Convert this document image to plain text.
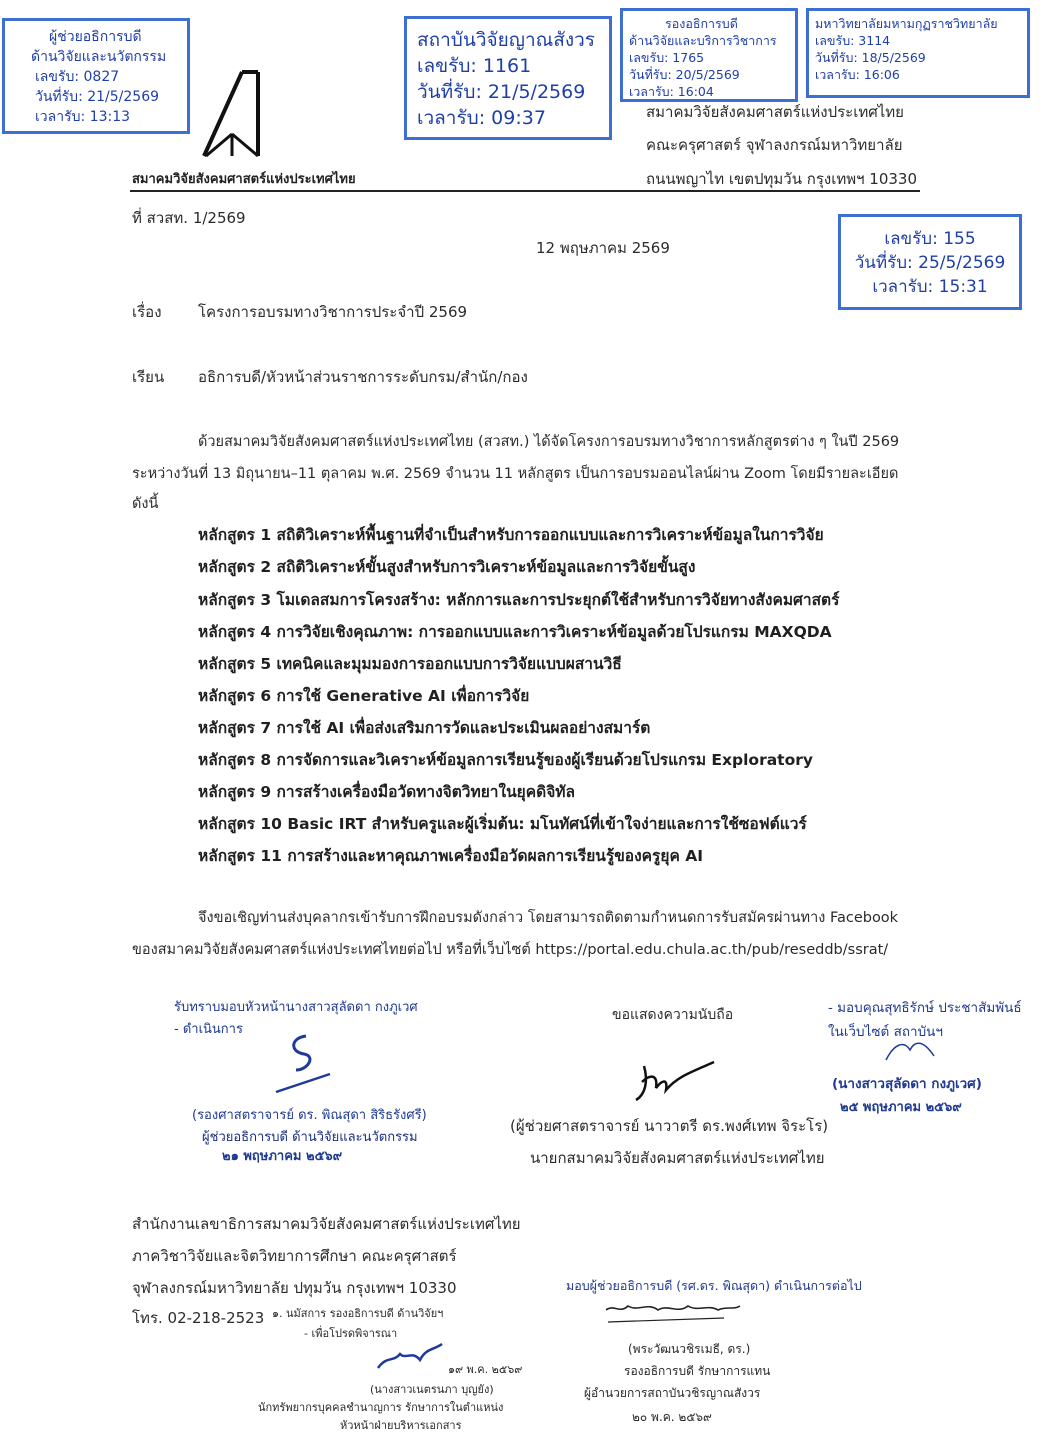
ผู้ช่วยอธิการบดี
ด้านวิจัยและนวัตกรรม
เลขรับ: 0827
วันที่รับ: 21/5/2569
เวลารับ: 13:13
สมาคมวิจัยสังคมศาสตร์แห่งประเทศไทย
สถาบันวิจัยญาณสังวร
เลขรับ: 1161
วันที่รับ: 21/5/2569
เวลารับ: 09:37
รองอธิการบดี
ด้านวิจัยและบริการวิชาการ
เลขรับ: 1765
วันที่รับ: 20/5/2569
เวลารับ: 16:04
มหาวิทยาลัยมหามกุฏราชวิทยาลัย
เลขรับ: 3114
วันที่รับ: 18/5/2569
เวลารับ: 16:06
สมาคมวิจัยสังคมศาสตร์แห่งประเทศไทย
คณะครุศาสตร์ จุฬาลงกรณ์มหาวิทยาลัย
ถนนพญาไท เขตปทุมวัน กรุงเทพฯ 10330
เลขรับ: 155
วันที่รับ: 25/5/2569
เวลารับ: 15:31
ที่ สวสท. 1/2569
12 พฤษภาคม 2569
เรื่อง โครงการอบรมทางวิชาการประจำปี 2569
เรียน อธิการบดี/หัวหน้าส่วนราชการระดับกรม/สำนัก/กอง
ด้วยสมาคมวิจัยสังคมศาสตร์แห่งประเทศไทย (สวสท.) ได้จัดโครงการอบรมทางวิชาการหลักสูตรต่าง ๆ ในปี 2569
ระหว่างวันที่ 13 มิถุนายน–11 ตุลาคม พ.ศ. 2569 จำนวน 11 หลักสูตร เป็นการอบรมออนไลน์ผ่าน Zoom โดยมีรายละเอียด
ดังนี้
หลักสูตร 1 สถิติวิเคราะห์พื้นฐานที่จำเป็นสำหรับการออกแบบและการวิเคราะห์ข้อมูลในการวิจัย
หลักสูตร 2 สถิติวิเคราะห์ขั้นสูงสำหรับการวิเคราะห์ข้อมูลและการวิจัยขั้นสูง
หลักสูตร 3 โมเดลสมการโครงสร้าง: หลักการและการประยุกต์ใช้สำหรับการวิจัยทางสังคมศาสตร์
หลักสูตร 4 การวิจัยเชิงคุณภาพ: การออกแบบและการวิเคราะห์ข้อมูลด้วยโปรแกรม MAXQDA
หลักสูตร 5 เทคนิคและมุมมองการออกแบบการวิจัยแบบผสานวิธี
หลักสูตร 6 การใช้ Generative AI เพื่อการวิจัย
หลักสูตร 7 การใช้ AI เพื่อส่งเสริมการวัดและประเมินผลอย่างสมาร์ต
หลักสูตร 8 การจัดการและวิเคราะห์ข้อมูลการเรียนรู้ของผู้เรียนด้วยโปรแกรม Exploratory
หลักสูตร 9 การสร้างเครื่องมือวัดทางจิตวิทยาในยุคดิจิทัล
หลักสูตร 10 Basic IRT สำหรับครูและผู้เริ่มต้น: มโนทัศน์ที่เข้าใจง่ายและการใช้ซอฟต์แวร์
หลักสูตร 11 การสร้างและหาคุณภาพเครื่องมือวัดผลการเรียนรู้ของครูยุค AI
จึงขอเชิญท่านส่งบุคลากรเข้ารับการฝึกอบรมดังกล่าว โดยสามารถติดตามกำหนดการรับสมัครผ่านทาง Facebook
ของสมาคมวิจัยสังคมศาสตร์แห่งประเทศไทยต่อไป หรือที่เว็บไซต์ https://portal.edu.chula.ac.th/pub/reseddb/ssrat/
รับทราบมอบหัวหน้านางสาวสุลัดดา กงภูเวศ
- ดำเนินการ
(รองศาสตราจารย์ ดร. พิณสุดา สิริธรังศรี)
ผู้ช่วยอธิการบดี ด้านวิจัยและนวัตกรรม
๒๑ พฤษภาคม ๒๕๖๙
ขอแสดงความนับถือ
(ผู้ช่วยศาสตราจารย์ นาวาตรี ดร.พงศ์เทพ จิระโร)
นายกสมาคมวิจัยสังคมศาสตร์แห่งประเทศไทย
- มอบคุณสุทธิรักษ์ ประชาสัมพันธ์
ในเว็บไซต์ สถาบันฯ
(นางสาวสุลัดดา กงภูเวศ)
๒๕ พฤษภาคม ๒๕๖๙
สำนักงานเลขาธิการสมาคมวิจัยสังคมศาสตร์แห่งประเทศไทย
ภาควิชาวิจัยและจิตวิทยาการศึกษา คณะครุศาสตร์
จุฬาลงกรณ์มหาวิทยาลัย ปทุมวัน กรุงเทพฯ 10330
โทร. 02-218-2523 ๑. นมัสการ รองอธิการบดี ด้านวิจัยฯ
- เพื่อโปรดพิจารณา
๑๙ พ.ค. ๒๕๖๙
(นางสาวเนตรนภา บุญยัง)
นักทรัพยากรบุคคลชำนาญการ รักษาการในตำแหน่ง
หัวหน้าฝ่ายบริหารเอกสาร
มอบผู้ช่วยอธิการบดี (รศ.ดร. พิณสุดา) ดำเนินการต่อไป
(พระวัฒนวชิรเมธี, ดร.)
รองอธิการบดี รักษาการแทน
ผู้อำนวยการสถาบันวชิรญาณสังวร
๒๐ พ.ค. ๒๕๖๙
